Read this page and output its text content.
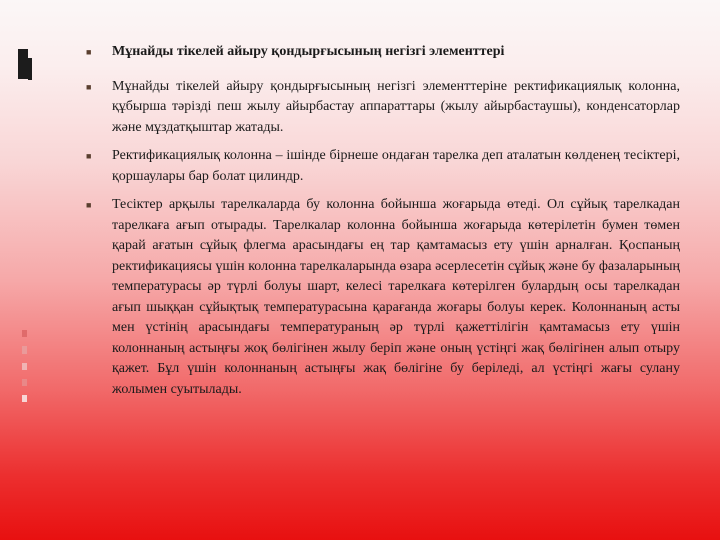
■ Мұнайды тікелей айыру қондырғысының негізгі элементтері
■ Мұнайды тікелей айыру қондырғысының негізгі элементтеріне ректификациялық колонна, құбырша тәрізді пеш жылу айырбастау аппараттары (жылу айырбастаушы), конденсаторлар және мұздатқыштар жатады.
■ Ректификациялық колонна – ішінде бірнеше ондаған тарелка деп аталатын көлденең тесіктері, қоршаулары бар болат цилиндр.
■ Тесіктер арқылы тарелкаларда бу колонна бойынша жоғарыда өтеді. Ол сұйық тарелкадан тарелкаға ағып отырады. Тарелкалар колонна бойынша жоғарыда көтерілетін бумен төмен қарай ағатын сұйық флегма арасындағы ең тар қамтамасыз ету үшін арналған. Қоспаның ректификациясы үшін колонна тарелкаларында өзара әсерлесетін сұйық және бу фазаларының температурасы әр түрлі болуы шарт, келесі тарелкаға көтерілген булардың осы тарелкадан ағып шыққан сұйықтық температурасына қарағанда жоғары болуы керек. Колоннаның асты мен үстінің арасындағы температураның әр түрлі қажеттілігін қамтамасыз ету үшін колоннаның астыңғы жоқ бөлігінен жылу беріп және оның үстіңгі жақ бөлігінен алып отыру қажет. Бұл үшін колоннаның астыңғы жақ бөлігіне бу беріледі, ал үстіңгі жағы сулану жолымен суытылады.
